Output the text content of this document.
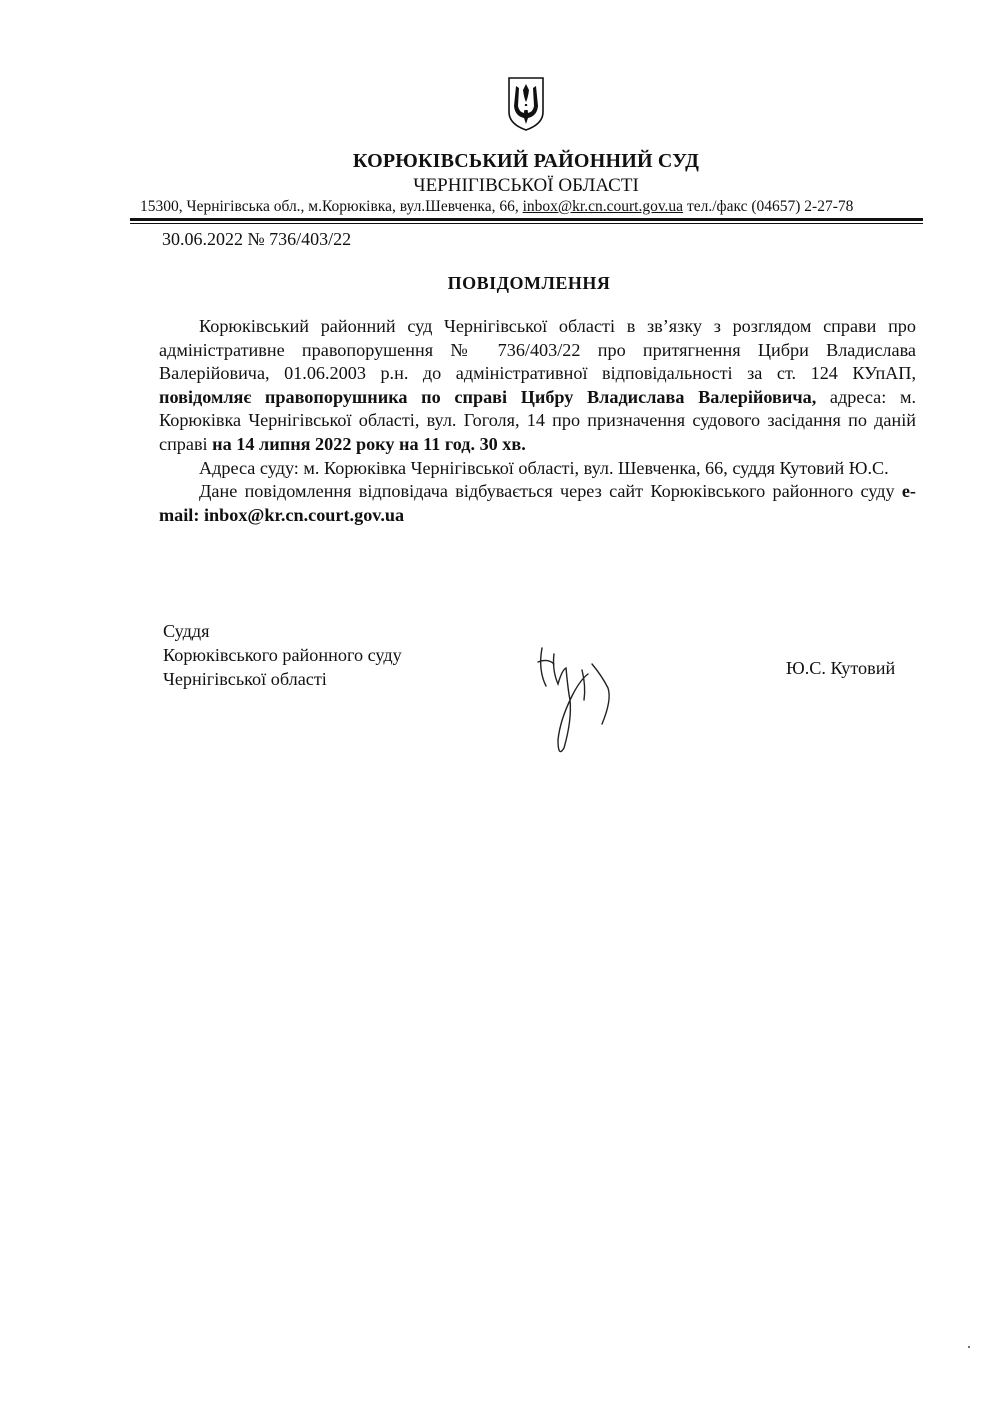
КОРЮКІВСЬКИЙ РАЙОННИЙ СУД
ЧЕРНІГІВСЬКОЇ ОБЛАСТІ
15300, Чернігівська обл., м.Корюківка, вул.Шевченка, 66, inbox@kr.cn.court.gov.ua тел./факс (04657) 2-27-78
30.06.2022 № 736/403/22
ПОВІДОМЛЕННЯ

Корюківський районний суд Чернігівської області в зв’язку з розглядом справи про адміністративне правопорушення № 736/403/22 про притягнення Цибри Владислава Валерійовича, 01.06.2003 р.н. до адміністративної відповідальності за ст. 124 КУпАП, повідомляє правопорушника по справі Цибру Владислава Валерійовича, адреса: м. Корюківка Чернігівської області, вул. Гоголя, 14 про призначення судового засідання по даній справі на 14 липня 2022 року на 11 год. 30 хв.

Адреса суду: м. Корюківка Чернігівської області, вул. Шевченка, 66, суддя Кутовий Ю.С.

Дане повідомлення відповідача відбувається через сайт Корюківського районного суду e-mail: inbox@kr.cn.court.gov.ua

Суддя
Корюківського районного суду
Чернігівської області
Ю.С. Кутовий
